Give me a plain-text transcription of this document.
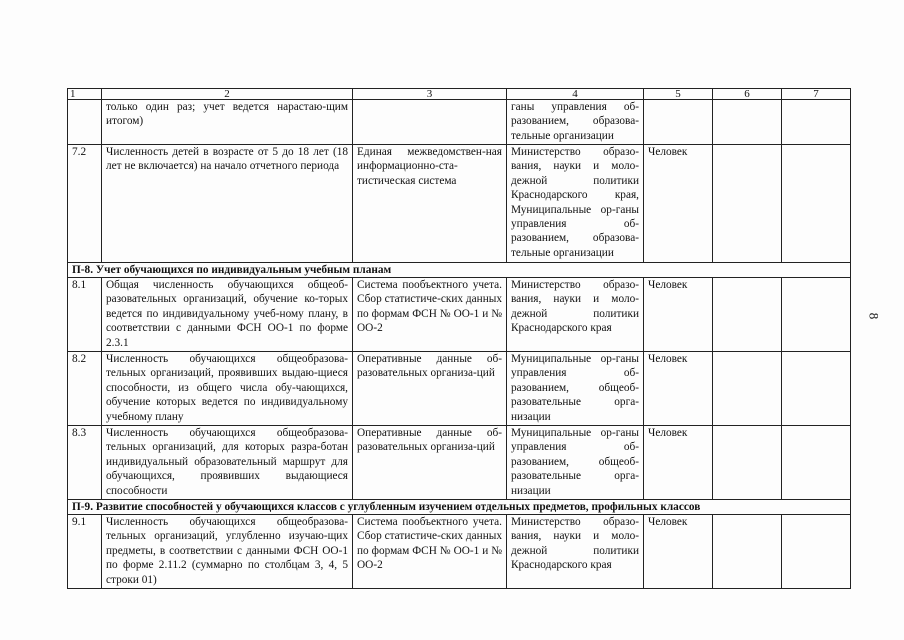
1	2	3	4	5	6	7
	только один раз; учет ведется нарастаю-щим итогом)		ганы управления об-разованием, образова-тельные организации			
7.2	Численность детей в возрасте от 5 до 18 лет (18 лет не включается) на начало отчетного периода	Единая межведомствен-ная информационно-ста-тистическая система	Министерство образо-вания, науки и моло-дежной политики Краснодарского края, Муниципальные ор-ганы управления об-разованием, образова-тельные организации	Человек		
П-8. Учет обучающихся по индивидуальным учебным планам						
8.1	Общая численность обучающихся общеоб-разовательных организаций, обучение ко-торых ведется по индивидуальному учеб-ному плану, в соответствии с данными ФСН ОО-1 по форме 2.3.1	Система пообъектного учета. Сбор статистиче-ских данных по формам ФСН № ОО-1 и № ОО-2	Министерство образо-вания, науки и моло-дежной политики Краснодарского края	Человек		
8.2	Численность обучающихся общеобразова-тельных организаций, проявивших выдаю-щиеся способности, из общего числа обу-чающихся, обучение которых ведется по индивидуальному учебному плану	Оперативные данные об-разовательных организа-ций	Муниципальные ор-ганы управления об-разованием, общеоб-разовательные орга-низации	Человек		
8.3	Численность обучающихся общеобразова-тельных организаций, для которых разра-ботан индивидуальный образовательный маршрут для обучающихся, проявивших выдающиеся способности	Оперативные данные об-разовательных организа-ций	Муниципальные ор-ганы управления об-разованием, общеоб-разовательные орга-низации	Человек		
П-9. Развитие способностей у обучающихся классов с углубленным изучением отдельных предметов, профильных классов						
9.1	Численность обучающихся общеобразова-тельных организаций, углубленно изучаю-щих предметы, в соответствии с данными ФСН ОО-1 по форме 2.11.2 (суммарно по столбцам 3, 4, 5 строки 01)	Система пообъектного учета. Сбор статистиче-ских данных по формам ФСН № ОО-1 и № ОО-2	Министерство образо-вания, науки и моло-дежной политики Краснодарского края	Человек		
8
